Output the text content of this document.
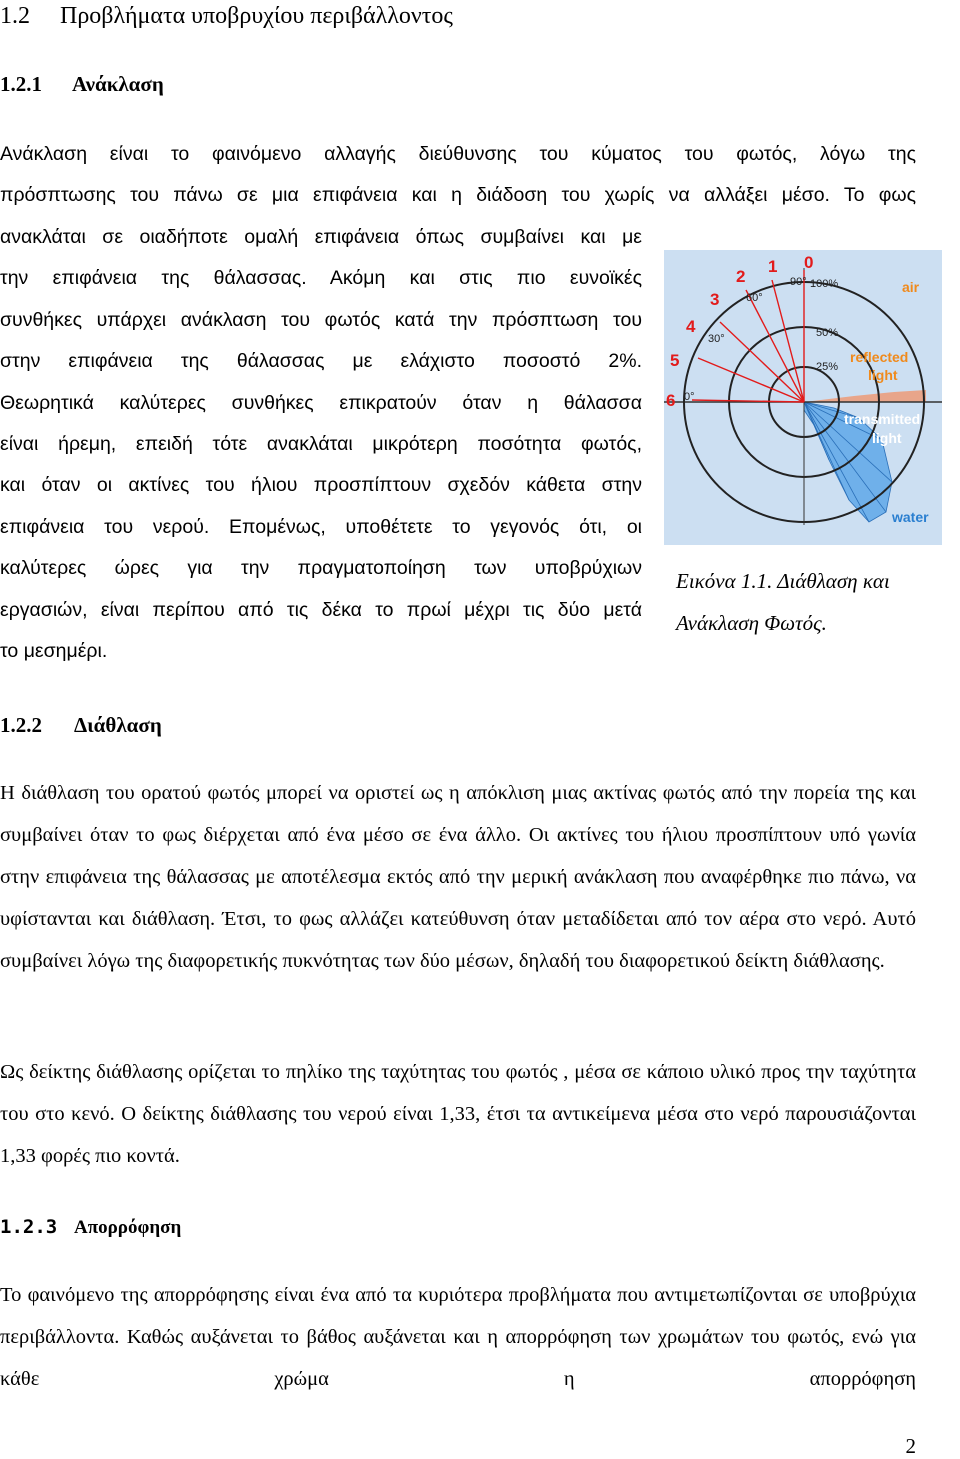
1.2 Προβλήματα υποβρυχίου περιβάλλοντος
1.2.1 Ανάκλαση
Ανάκλαση είναι το φαινόμενο αλλαγής διεύθυνσης του κύματος του φωτός, λόγω της
πρόσπτωσης του πάνω σε μια επιφάνεια και η διάδοση του χωρίς να αλλάξει μέσο. Το φως
ανακλάται σε οιαδήποτε ομαλή επιφάνεια όπως συμβαίνει και με
την επιφάνεια της θάλασσας. Ακόμη και στις πιο ευνοϊκές
συνθήκες υπάρχει ανάκλαση του φωτός κατά την πρόσπτωση του
στην επιφάνεια της θάλασσας με ελάχιστο ποσοστό 2%.
Θεωρητικά καλύτερες συνθήκες επικρατούν όταν η θάλασσα
είναι ήρεμη, επειδή τότε ανακλάται μικρότερη ποσότητα φωτός,
και όταν οι ακτίνες του ήλιου προσπίπτουν σχεδόν κάθετα στην
επιφάνεια του νερού. Επομένως, υποθέτετε το γεγονός ότι, οι
καλύτερες ώρες για την πραγματοποίηση των υποβρύχιων
εργασιών, είναι περίπου από τις δέκα το πρωί μέχρι τις δύο μετά
το μεσημέρι.
0
1
2
3
4
5
6
90°
60°
30°
0°
100%
50%
25%
air
reflected
light
transmitted
light
water
Εικόνα 1.1. Διάθλαση και
Ανάκλαση Φωτός.
1.2.2 Διάθλαση

Η διάθλαση του ορατού φωτός μπορεί να οριστεί ως η απόκλιση μιας ακτίνας φωτός από την πορεία της και συμβαίνει όταν το φως διέρχεται από ένα μέσο σε ένα άλλο. Οι ακτίνες του ήλιου προσπίπτουν υπό γωνία στην επιφάνεια της θάλασσας με αποτέλεσμα εκτός από την μερική ανάκλαση που αναφέρθηκε πιο πάνω, να υφίστανται και διάθλαση. Έτσι, το φως αλλάζει κατεύθυνση όταν μεταδίδεται από τον αέρα στο νερό. Αυτό συμβαίνει λόγω της διαφορετικής πυκνότητας των δύο μέσων, δηλαδή του διαφορετικού δείκτη διάθλασης.

Ως δείκτης διάθλασης ορίζεται το πηλίκο της ταχύτητας του φωτός , μέσα σε κάποιο υλικό προς την ταχύτητα του στο κενό. Ο δείκτης διάθλασης του νερού είναι 1,33, έτσι τα αντικείμενα μέσα στο νερό παρουσιάζονται 1,33 φορές πιο κοντά.

1.2.3 Απορρόφηση

Το φαινόμενο της απορρόφησης είναι ένα από τα κυριότερα προβλήματα που αντιμετωπίζονται σε υποβρύχια περιβάλλοντα. Καθώς αυξάνεται το βάθος αυξάνεται και η απορρόφηση των χρωμάτων του φωτός, ενώ για κάθε χρώμα η απορρόφηση

2
